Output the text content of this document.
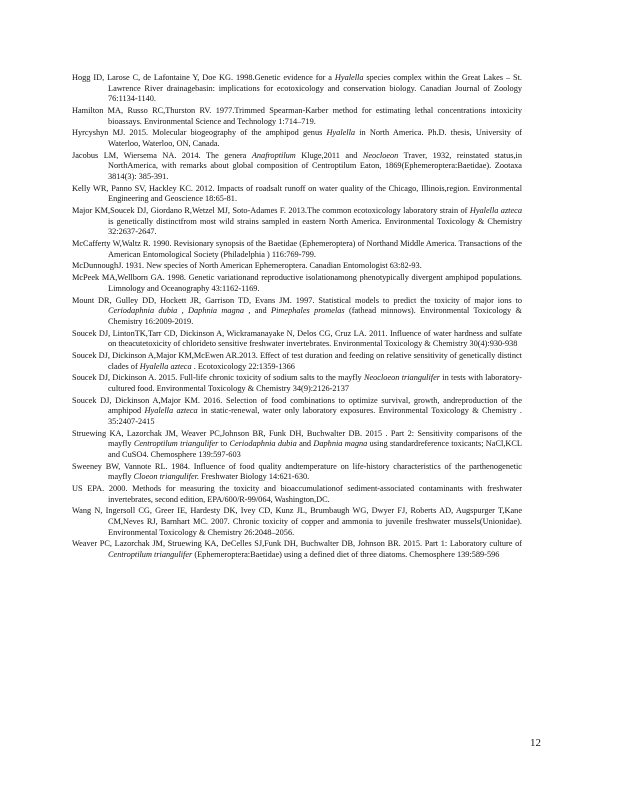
Hogg ID, Larose C, de Lafontaine Y, Doe KG. 1998.Genetic evidence for a Hyalella species complex within the Great Lakes – St. Lawrence River drainagebasin: implications for ecotoxicology and conservation biology. Canadian Journal of Zoology 76:1134-1140.
Hamilton MA, Russo RC,Thurston RV. 1977.Trimmed Spearman-Karber method for estimating lethal concentrations intoxicity bioassays. Environmental Science and Technology 1:714–719.
Hyrcyshyn MJ. 2015. Molecular biogeography of the amphipod genus Hyalella in North America. Ph.D. thesis, University of Waterloo, Waterloo, ON, Canada.
Jacobus LM, Wiersema NA. 2014. The genera Anafroptilum Kluge,2011 and Neocloeon Traver, 1932, reinstated status,in NorthAmerica, with remarks about global composition of Centroptilum Eaton, 1869(Ephemeroptera:Baetidae). Zootaxa 3814(3): 385-391.
Kelly WR, Panno SV, Hackley KC. 2012. Impacts of roadsalt runoff on water quality of the Chicago, Illinois,region. Environmental Engineering and Geoscience 18:65-81.
Major KM,Soucek DJ, Giordano R,Wetzel MJ, Soto-Adames F. 2013.The common ecotoxicology laboratory strain of Hyalella azteca is genetically distinctfrom most wild strains sampled in eastern North America. Environmental Toxicology & Chemistry 32:2637-2647.
McCafferty W,Waltz R. 1990. Revisionary synopsis of the Baetidae (Ephemeroptera) of Northand Middle America. Transactions of the American Entomological Society (Philadelphia ) 116:769-799.
McDunnoughJ. 1931. New species of North American Ephemeroptera. Canadian Entomologist 63:82-93.
McPeek MA,Wellborn GA. 1998. Genetic variationand reproductive isolationamong phenotypically divergent amphipod populations. Limnology and Oceanography 43:1162-1169.
Mount DR, Gulley DD, Hockett JR, Garrison TD, Evans JM. 1997. Statistical models to predict the toxicity of major ions to Ceriodaphnia dubia , Daphnia magna , and Pimephales promelas (fathead minnows). Environmental Toxicology & Chemistry 16:2009-2019.
Soucek DJ, LintonTK,Tarr CD, Dickinson A, Wickramanayake N, Delos CG, Cruz LA. 2011. Influence of water hardness and sulfate on theacutetoxicity of chlorideto sensitive freshwater invertebrates. Environmental Toxicology & Chemistry 30(4):930-938
Soucek DJ, Dickinson A,Major KM,McEwen AR.2013. Effect of test duration and feeding on relative sensitivity of genetically distinct clades of Hyalella azteca . Ecotoxicology 22:1359-1366
Soucek DJ, Dickinson A. 2015. Full-life chronic toxicity of sodium salts to the mayfly Neocloeon triangulifer in tests with laboratory-cultured food. Environmental Toxicology & Chemistry 34(9):2126-2137
Soucek DJ, Dickinson A,Major KM. 2016. Selection of food combinations to optimize survival, growth, andreproduction of the amphipod Hyalella azteca in static-renewal, water only laboratory exposures. Environmental Toxicology & Chemistry . 35:2407-2415
Struewing KA, Lazorchak JM, Weaver PC,Johnson BR, Funk DH, Buchwalter DB. 2015 . Part 2: Sensitivity comparisons of the mayfly Centroptilum triangulifer to Ceriodaphnia dubia and Daphnia magna using standardreference toxicants; NaCl,KCL and CuSO4. Chemosphere 139:597-603
Sweeney BW, Vannote RL. 1984. Influence of food quality andtemperature on life-history characteristics of the parthenogenetic mayfly Cloeon triangulifer. Freshwater Biology 14:621-630.
US EPA. 2000. Methods for measuring the toxicity and bioaccumulationof sediment-associated contaminants with freshwater invertebrates, second edition, EPA/600/R-99/064, Washington,DC.
Wang N, Ingersoll CG, Greer IE, Hardesty DK, Ivey CD, Kunz JL, Brumbaugh WG, Dwyer FJ, Roberts AD, Augspurger T,Kane CM,Neves RJ, Barnhart MC. 2007. Chronic toxicity of copper and ammonia to juvenile freshwater mussels(Unionidae). Environmental Toxicology & Chemistry 26:2048–2056.
Weaver PC, Lazorchak JM, Struewing KA, DeCelles SJ,Funk DH, Buchwalter DB, Johnson BR. 2015. Part 1: Laboratory culture of Centroptilum triangulifer (Ephemeroptera:Baetidae) using a defined diet of three diatoms. Chemosphere 139:589-596
12
